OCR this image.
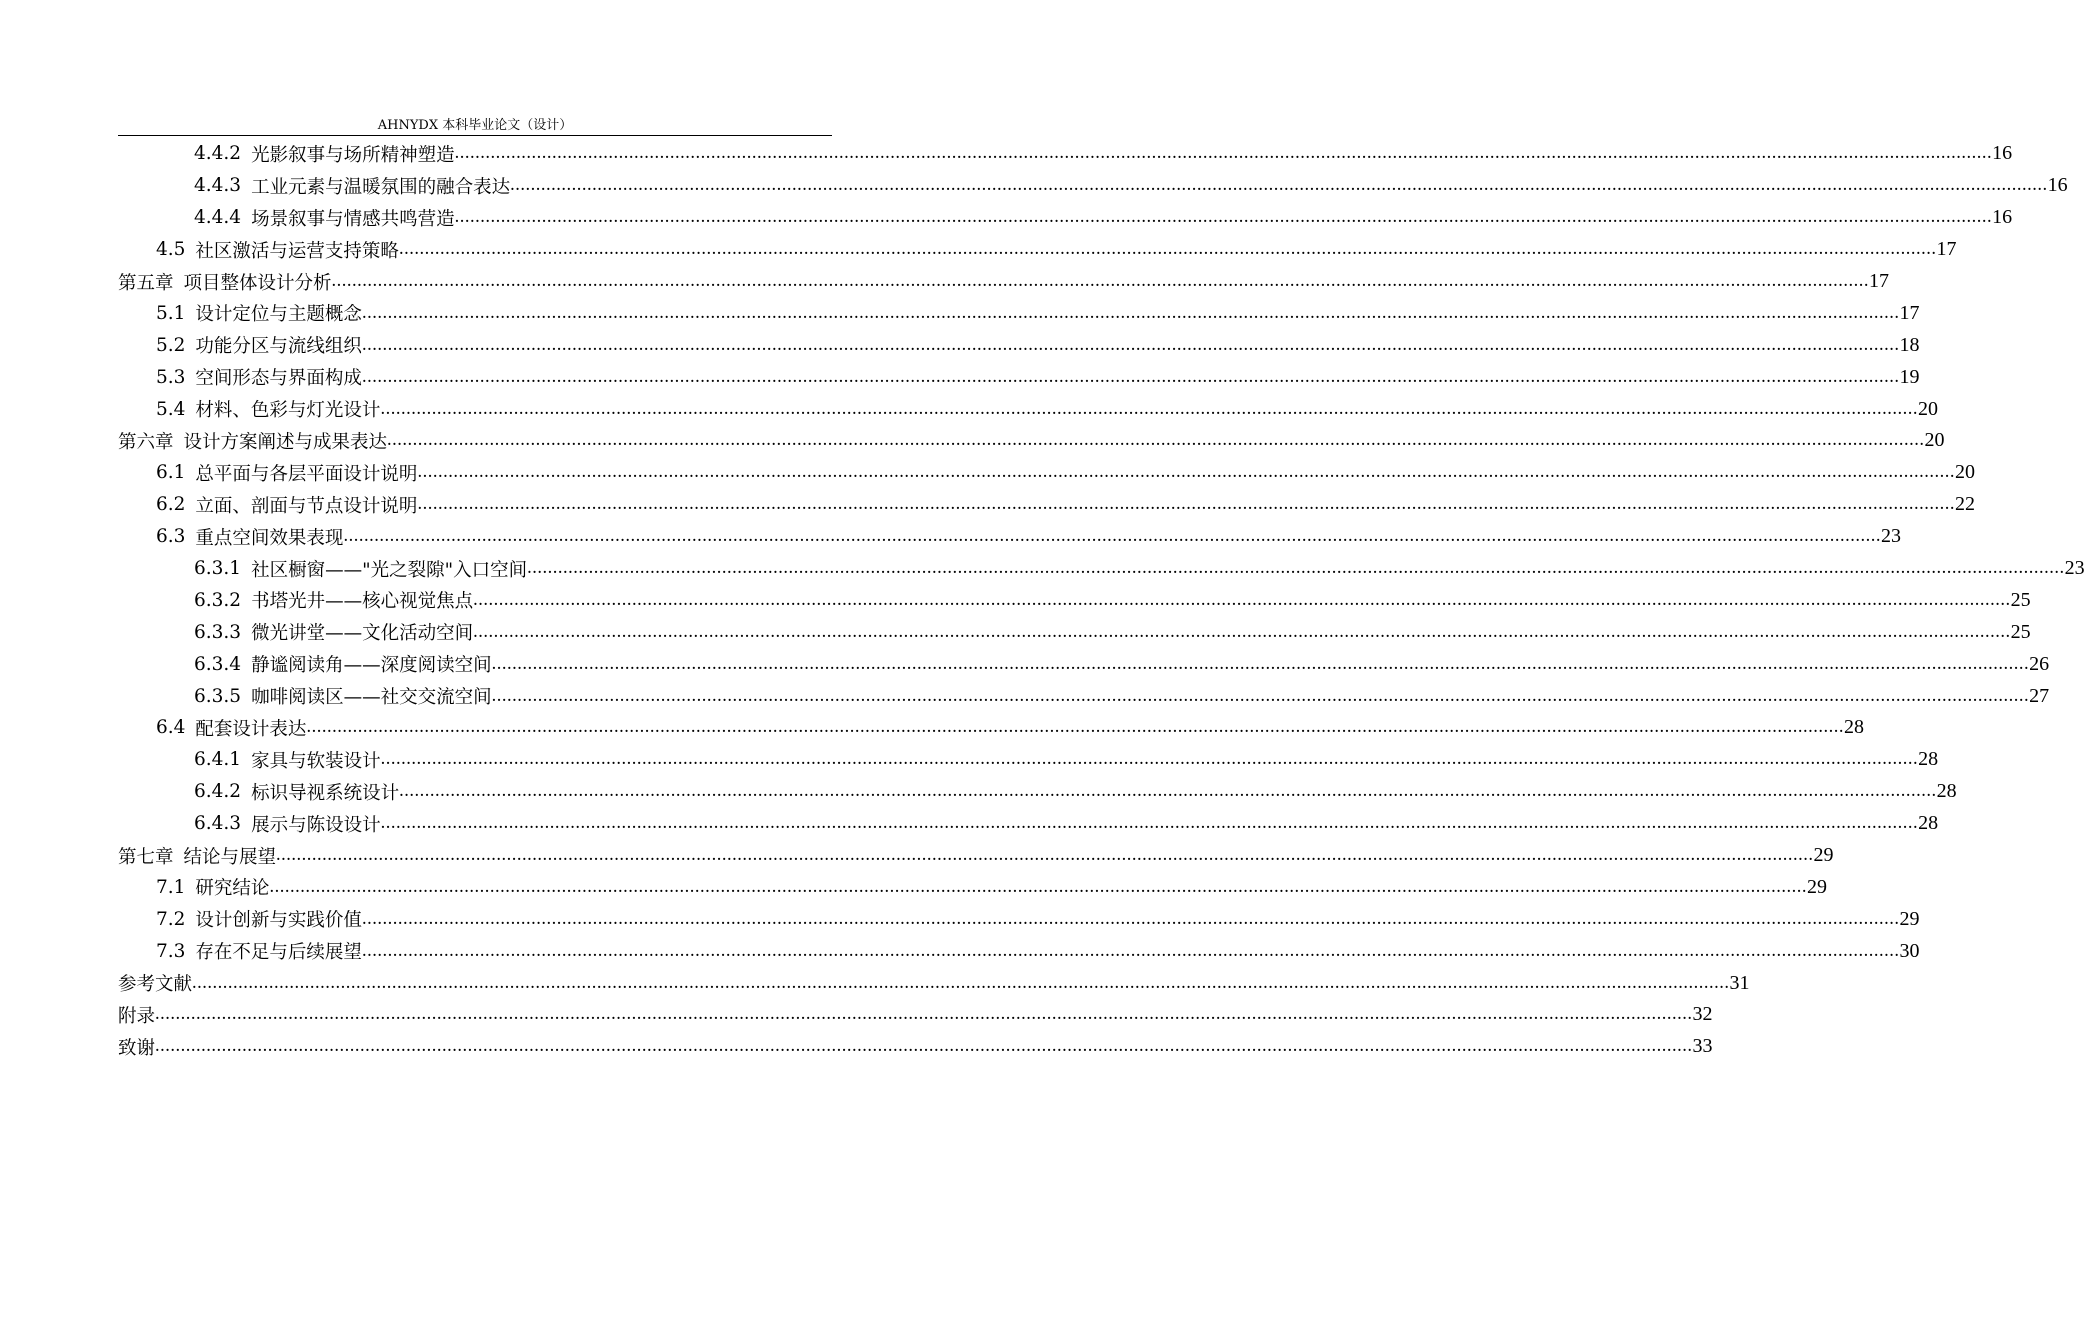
AHNYDX 本科毕业论文（设计）
4.4.2 光影叙事与场所精神塑造 ............................................................................................................................................................................................................................................................................................................ 16
4.4.3 工业元素与温暖氛围的融合表达 ............................................................................................................................................................................................................................................................................................................ 16
4.4.4 场景叙事与情感共鸣营造 ............................................................................................................................................................................................................................................................................................................ 16
4.5 社区激活与运营支持策略 ............................................................................................................................................................................................................................................................................................................ 17
第五章 项目整体设计分析 ............................................................................................................................................................................................................................................................................................................ 17
5.1 设计定位与主题概念 ............................................................................................................................................................................................................................................................................................................ 17
5.2 功能分区与流线组织 ............................................................................................................................................................................................................................................................................................................ 18
5.3 空间形态与界面构成 ............................................................................................................................................................................................................................................................................................................ 19
5.4 材料、色彩与灯光设计 ............................................................................................................................................................................................................................................................................................................ 20
第六章 设计方案阐述与成果表达 ............................................................................................................................................................................................................................................................................................................ 20
6.1 总平面与各层平面设计说明 ............................................................................................................................................................................................................................................................................................................ 20
6.2 立面、剖面与节点设计说明 ............................................................................................................................................................................................................................................................................................................ 22
6.3 重点空间效果表现 ............................................................................................................................................................................................................................................................................................................ 23
6.3.1 社区橱窗——"光之裂隙"入口空间 ............................................................................................................................................................................................................................................................................................................ 23
6.3.2 书塔光井——核心视觉焦点 ............................................................................................................................................................................................................................................................................................................ 25
6.3.3 微光讲堂——文化活动空间 ............................................................................................................................................................................................................................................................................................................ 25
6.3.4 静谧阅读角——深度阅读空间 ............................................................................................................................................................................................................................................................................................................ 26
6.3.5 咖啡阅读区——社交交流空间 ............................................................................................................................................................................................................................................................................................................ 27
6.4 配套设计表达 ............................................................................................................................................................................................................................................................................................................ 28
6.4.1 家具与软装设计 ............................................................................................................................................................................................................................................................................................................ 28
6.4.2 标识导视系统设计 ............................................................................................................................................................................................................................................................................................................ 28
6.4.3 展示与陈设设计 ............................................................................................................................................................................................................................................................................................................ 28
第七章 结论与展望 ............................................................................................................................................................................................................................................................................................................ 29
7.1 研究结论 ............................................................................................................................................................................................................................................................................................................ 29
7.2 设计创新与实践价值 ............................................................................................................................................................................................................................................................................................................ 29
7.3 存在不足与后续展望 ............................................................................................................................................................................................................................................................................................................ 30
参考文献 ............................................................................................................................................................................................................................................................................................................ 31
附录 ............................................................................................................................................................................................................................................................................................................ 32
致谢 ............................................................................................................................................................................................................................................................................................................ 33
